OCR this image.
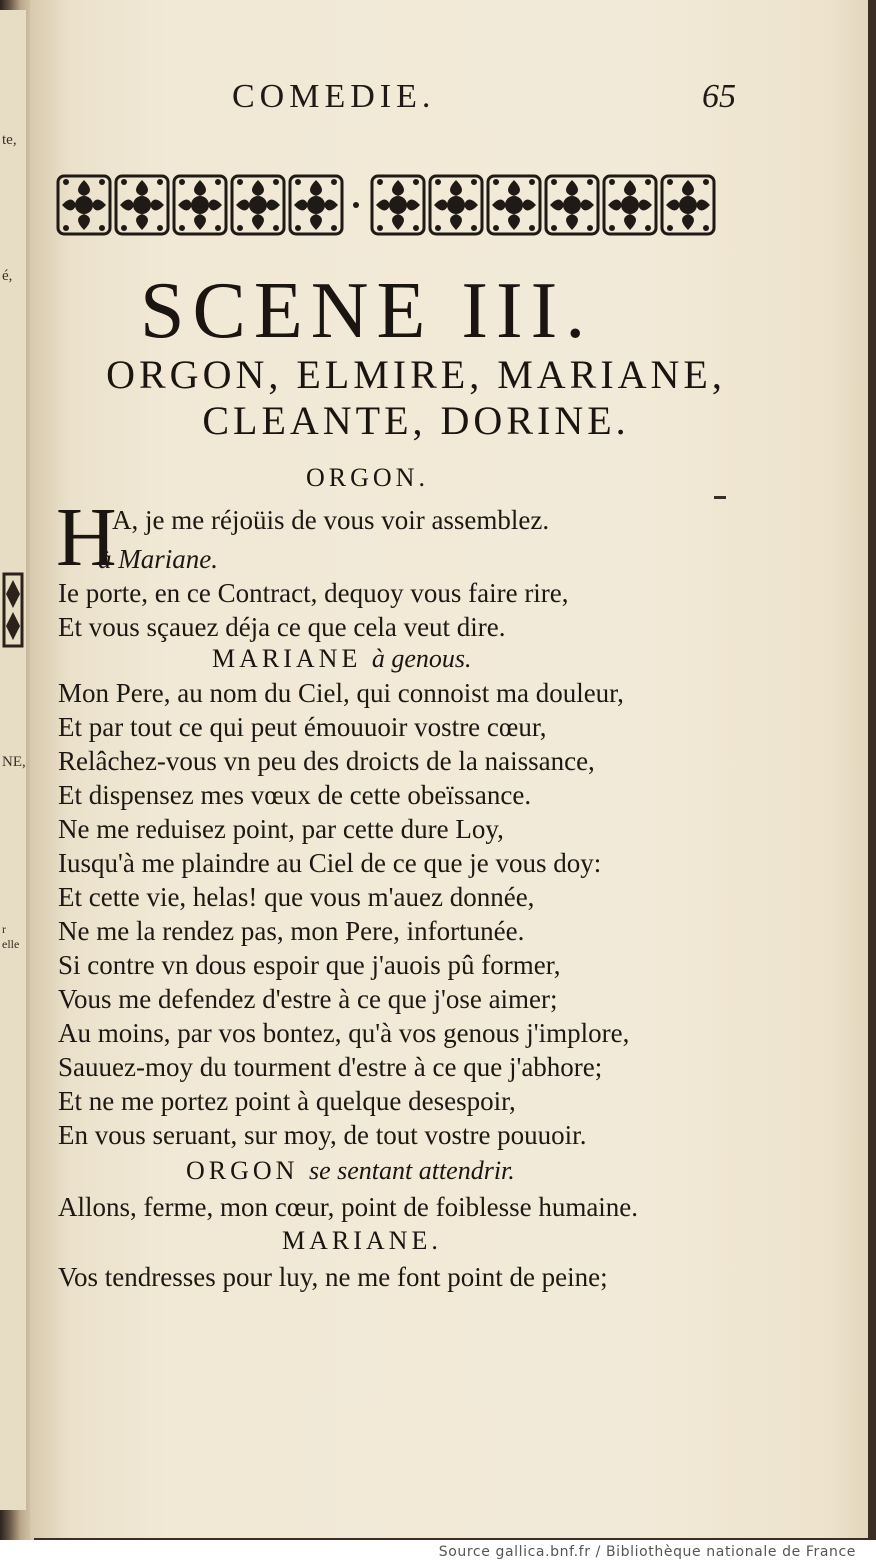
te,
é,
NE,
r elle
COMEDIE.	65
SCENE III.
ORGON, ELMIRE, MARIANE,
CLEANTE, DORINE.
ORGON.
H
A, je me réjoüis de vous voir assemblez.
à Mariane.
Ie porte, en ce Contract, dequoy vous faire rire,
Et vous sçauez déja ce que cela veut dire.
MARIANE à genous.
Mon Pere, au nom du Ciel, qui connoist ma douleur,
Et par tout ce qui peut émouuoir vostre cœur,
Relâchez-vous vn peu des droicts de la naissance,
Et dispensez mes vœux de cette obeïssance.
Ne me reduisez point, par cette dure Loy,
Iusqu'à me plaindre au Ciel de ce que je vous doy:
Et cette vie, helas! que vous m'auez donnée,
Ne me la rendez pas, mon Pere, infortunée.
Si contre vn dous espoir que j'auois pû former,
Vous me defendez d'estre à ce que j'ose aimer;
Au moins, par vos bontez, qu'à vos genous j'implore,
Sauuez-moy du tourment d'estre à ce que j'abhore;
Et ne me portez point à quelque desespoir,
En vous seruant, sur moy, de tout vostre pouuoir.
ORGON se sentant attendrir.
Allons, ferme, mon cœur, point de foiblesse humaine.
MARIANE.
Vos tendresses pour luy, ne me font point de peine;
Source gallica.bnf.fr / Bibliothèque nationale de France
